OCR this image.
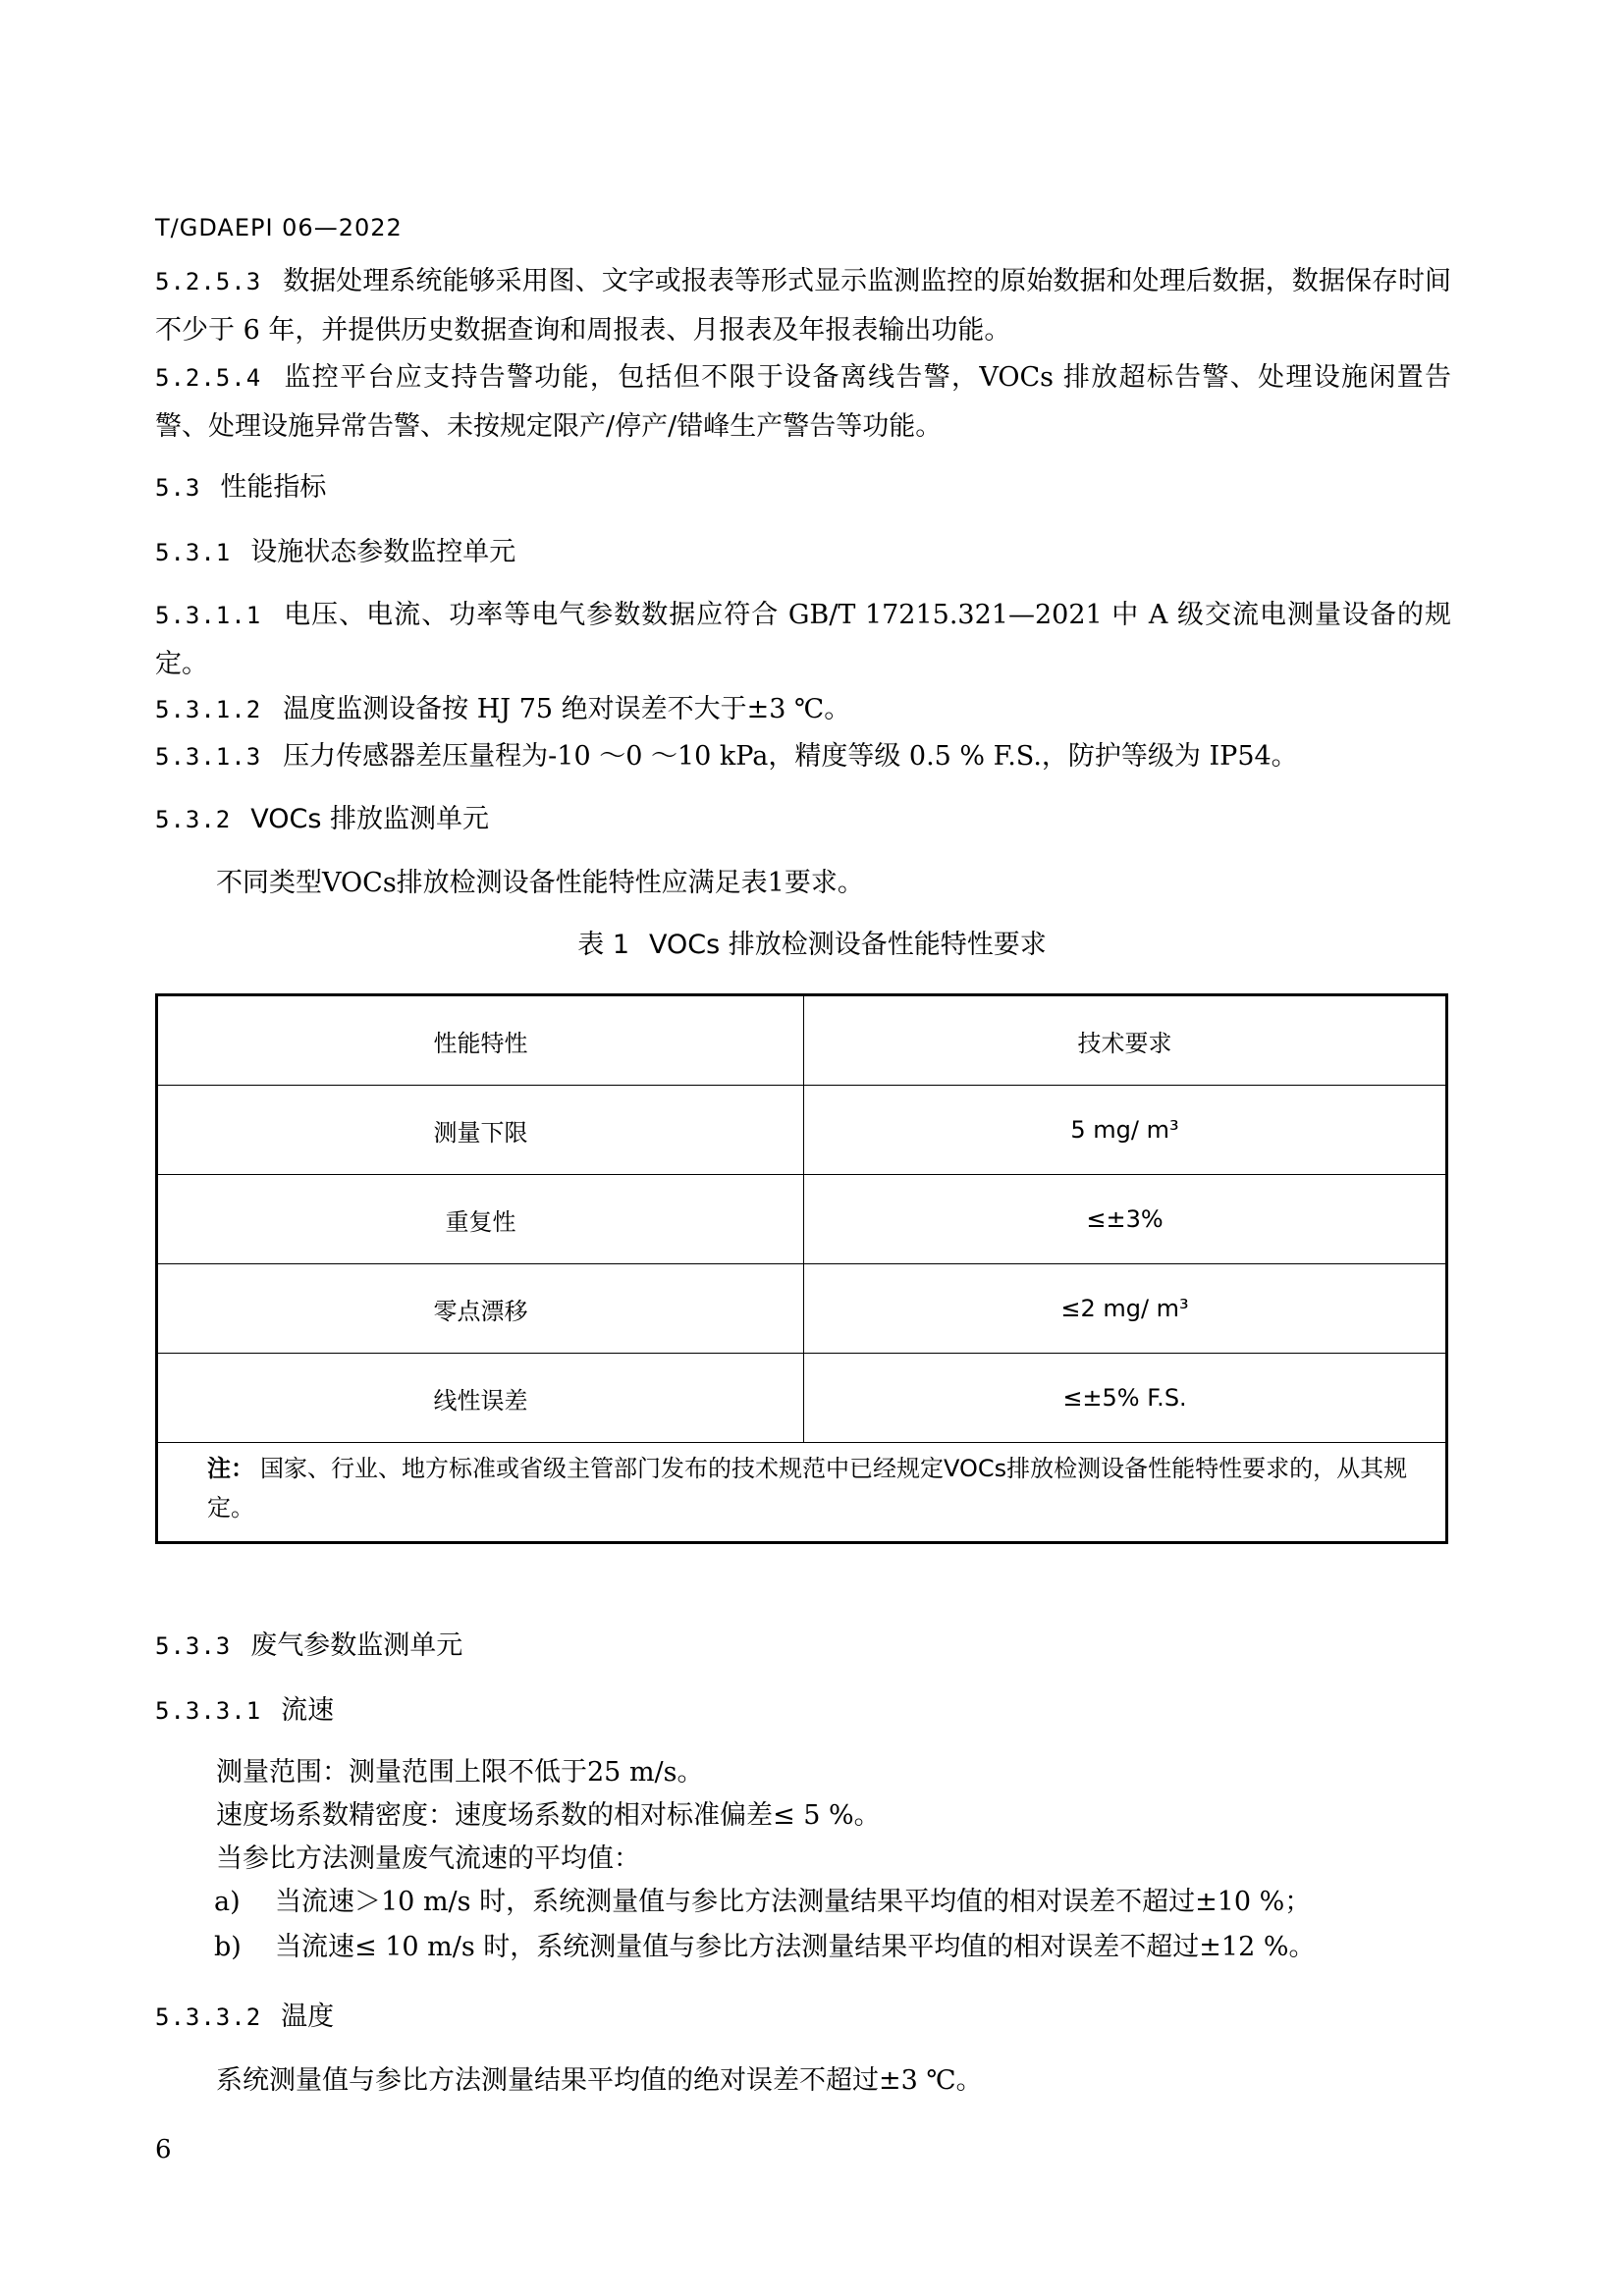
T/GDAEPI 06—2022
5.2.5.3 数据处理系统能够采用图、文字或报表等形式显示监测监控的原始数据和处理后数据，数据保存时间不少于 6 年，并提供历史数据查询和周报表、月报表及年报表输出功能。
5.2.5.4 监控平台应支持告警功能，包括但不限于设备离线告警，VOCs 排放超标告警、处理设施闲置告警、处理设施异常告警、未按规定限产/停产/错峰生产警告等功能。
5.3 性能指标
5.3.1 设施状态参数监控单元
5.3.1.1 电压、电流、功率等电气参数数据应符合 GB/T 17215.321—2021 中 A 级交流电测量设备的规定。
5.3.1.2 温度监测设备按 HJ 75 绝对误差不大于±3 ℃。
5.3.1.3 压力传感器差压量程为-10 ～0 ～10 kPa，精度等级 0.5 % F.S.，防护等级为 IP54。
5.3.2 VOCs 排放监测单元
不同类型VOCs排放检测设备性能特性应满足表1要求。
表 1 VOCs 排放检测设备性能特性要求
性能特性	技术要求
测量下限	5 mg/ m³
重复性	≤±3%
零点漂移	≤2 mg/ m³
线性误差	≤±5% F.S.
注： 国家、行业、地方标准或省级主管部门发布的技术规范中已经规定VOCs排放检测设备性能特性要求的，从其规定。	
5.3.3 废气参数监测单元
5.3.3.1 流速
测量范围：测量范围上限不低于25 m/s。
速度场系数精密度：速度场系数的相对标准偏差≤ 5 %。
当参比方法测量废气流速的平均值：
a) 当流速＞10 m/s 时，系统测量值与参比方法测量结果平均值的相对误差不超过±10 %；
b) 当流速≤ 10 m/s 时，系统测量值与参比方法测量结果平均值的相对误差不超过±12 %。
5.3.3.2 温度
系统测量值与参比方法测量结果平均值的绝对误差不超过±3 ℃。
6
